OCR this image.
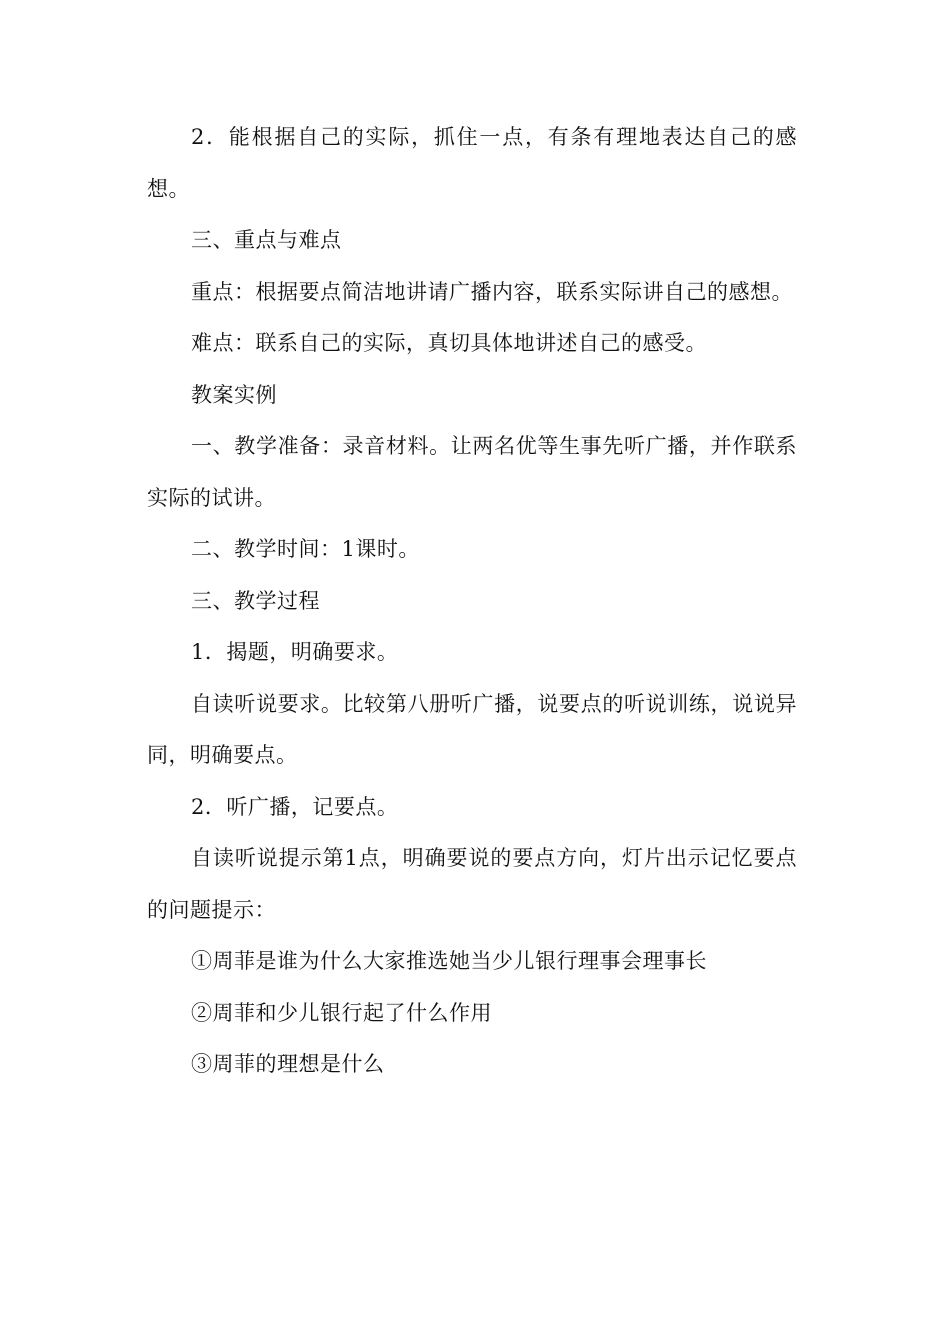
2．能根据自己的实际，抓住一点，有条有理地表达自己的感想。

三、重点与难点

重点：根据要点简洁地讲请广播内容，联系实际讲自己的感想。

难点：联系自己的实际，真切具体地讲述自己的感受。

教案实例

一、教学准备：录音材料。让两名优等生事先听广播，并作联系实际的试讲。

二、教学时间：1课时。

三、教学过程

1．揭题，明确要求。

自读听说要求。比较第八册听广播，说要点的听说训练，说说异同，明确要点。

2．听广播，记要点。

自读听说提示第1点，明确要说的要点方向，灯片出示记忆要点的问题提示：

①周菲是谁为什么大家推选她当少儿银行理事会理事长

②周菲和少儿银行起了什么作用

③周菲的理想是什么
